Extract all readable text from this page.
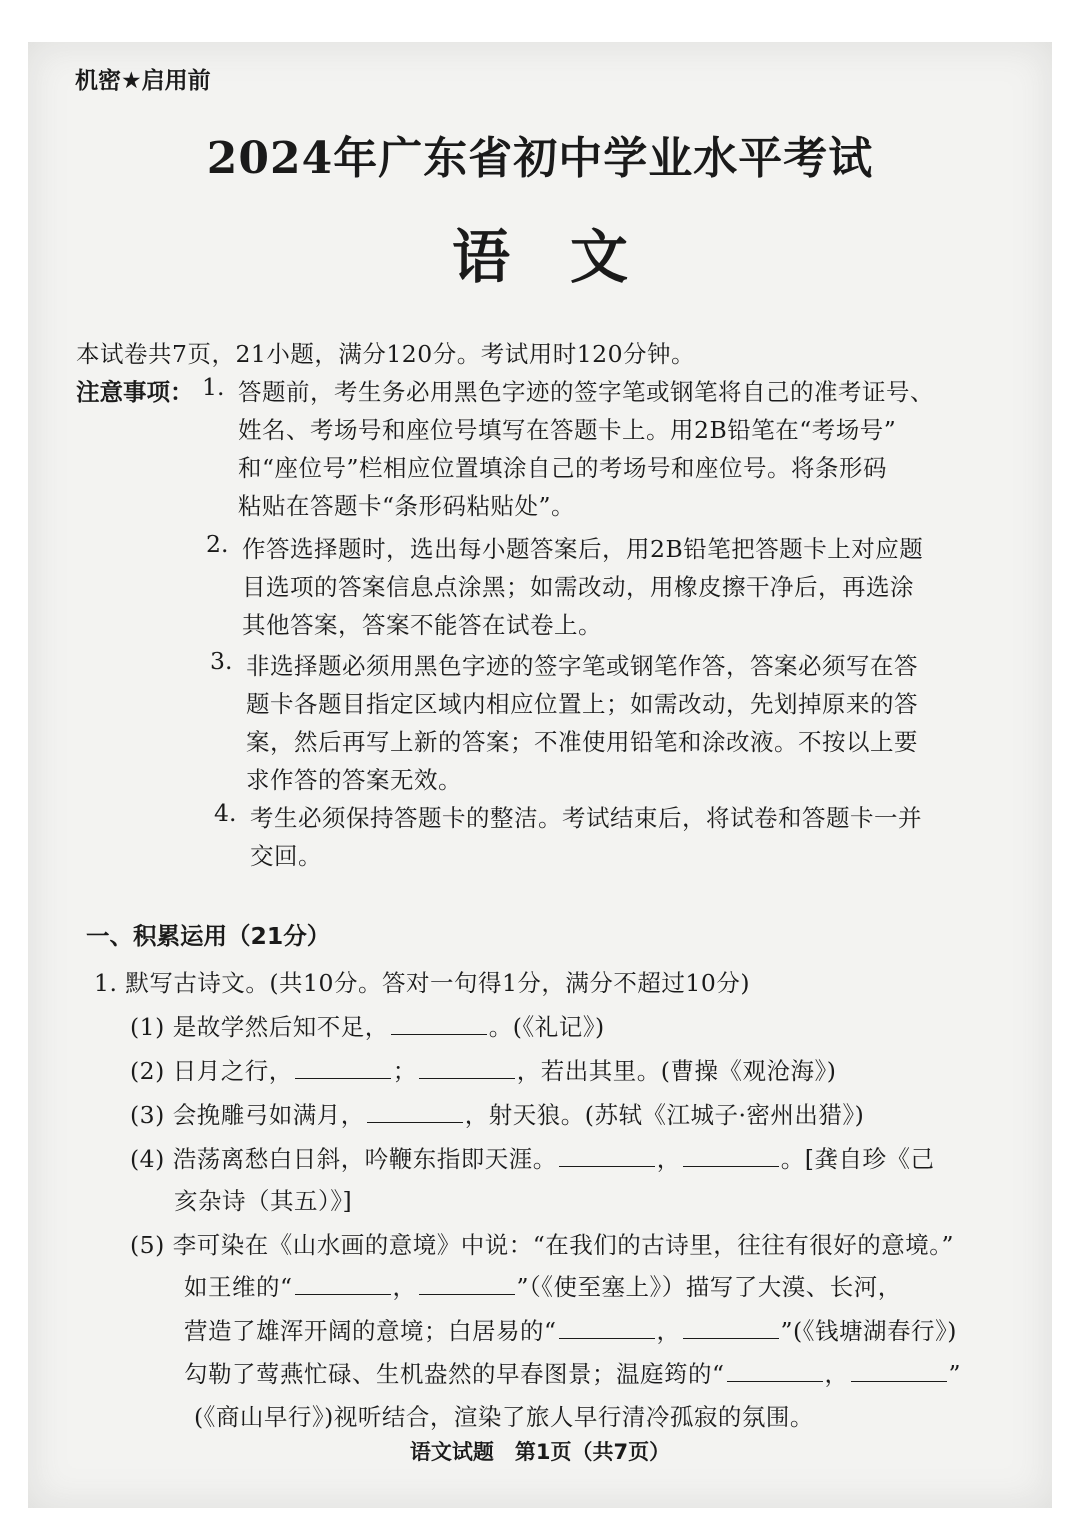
机密★启用前
2024年广东省初中学业水平考试
语文
本试卷共7页，21小题，满分120分。考试用时120分钟。
注意事项： 1. 答题前，考生务必用黑色字迹的签字笔或钢笔将自己的准考证号、
姓名、考场号和座位号填写在答题卡上。用2B铅笔在“考场号”
和“座位号”栏相应位置填涂自己的考场号和座位号。将条形码
粘贴在答题卡“条形码粘贴处”。
2. 作答选择题时，选出每小题答案后，用2B铅笔把答题卡上对应题
目选项的答案信息点涂黑；如需改动，用橡皮擦干净后，再选涂
其他答案，答案不能答在试卷上。
3. 非选择题必须用黑色字迹的签字笔或钢笔作答，答案必须写在答
题卡各题目指定区域内相应位置上；如需改动，先划掉原来的答
案，然后再写上新的答案；不准使用铅笔和涂改液。不按以上要
求作答的答案无效。
4. 考生必须保持答题卡的整洁。考试结束后，将试卷和答题卡一并
交回。
一、积累运用（21分）
1. 默写古诗文。(共10分。答对一句得1分，满分不超过10分)
(1) 是故学然后知不足，	。(《礼记》)
(2) 日月之行，	；	，若出其里。(曹操《观沧海》)
(3) 会挽雕弓如满月，	，射天狼。(苏轼《江城子·密州出猎》)
(4) 浩荡离愁白日斜，吟鞭东指即天涯。	，	。[龚自珍《己
亥杂诗（其五）》]
(5) 李可染在《山水画的意境》中说：“在我们的古诗里，往往有很好的意境。”
如王维的“	，	”（《使至塞上》）描写了大漠、长河，
营造了雄浑开阔的意境；白居易的“	，	”(《钱塘湖春行》)
勾勒了莺燕忙碌、生机盎然的早春图景；温庭筠的“	，	”
(《商山早行》)视听结合，渲染了旅人早行清冷孤寂的氛围。
语文试题　第1页（共7页）
